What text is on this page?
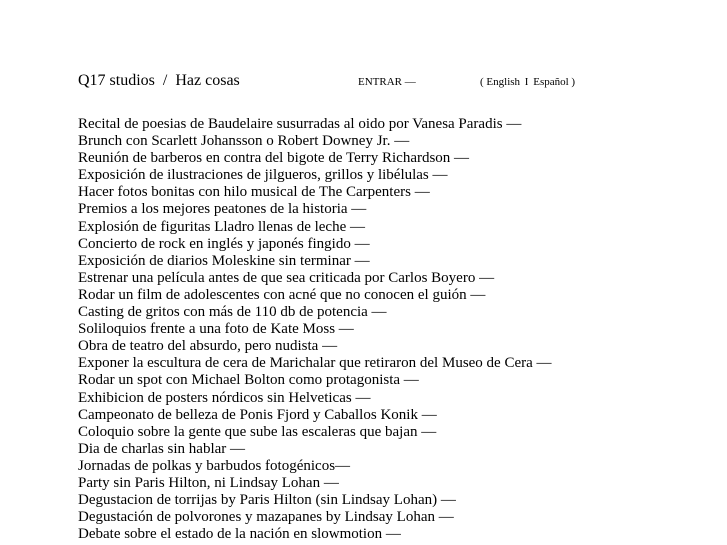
Q17 studios / Haz cosas	ENTRAR —	( English I Español )
Recital de poesias de Baudelaire susurradas al oido por Vanesa Paradis —
Brunch con Scarlett Johansson o Robert Downey Jr. —
Reunión de barberos en contra del bigote de Terry Richardson —
Exposición de ilustraciones de jilgueros, grillos y libélulas —
Hacer fotos bonitas con hilo musical de The Carpenters —
Premios a los mejores peatones de la historia —
Explosión de figuritas Lladro llenas de leche —
Concierto de rock en inglés y japonés fingido —
Exposición de diarios Moleskine sin terminar —
Estrenar una película antes de que sea criticada por Carlos Boyero —
Rodar un film de adolescentes con acné que no conocen el guión —
Casting de gritos con más de 110 db de potencia —
Soliloquios frente a una foto de Kate Moss —
Obra de teatro del absurdo, pero nudista —
Exponer la escultura de cera de Marichalar que retiraron del Museo de Cera —
Rodar un spot con Michael Bolton como protagonista —
Exhibicion de posters nórdicos sin Helveticas —
Campeonato de belleza de Ponis Fjord y Caballos Konik —
Coloquio sobre la gente que sube las escaleras que bajan —
Dia de charlas sin hablar —
Jornadas de polkas y barbudos fotogénicos—
Party sin Paris Hilton, ni Lindsay Lohan —
Degustacion de torrijas by Paris Hilton (sin Lindsay Lohan) —
Degustación de polvorones y mazapanes by Lindsay Lohan —
Debate sobre el estado de la nación en slowmotion —
